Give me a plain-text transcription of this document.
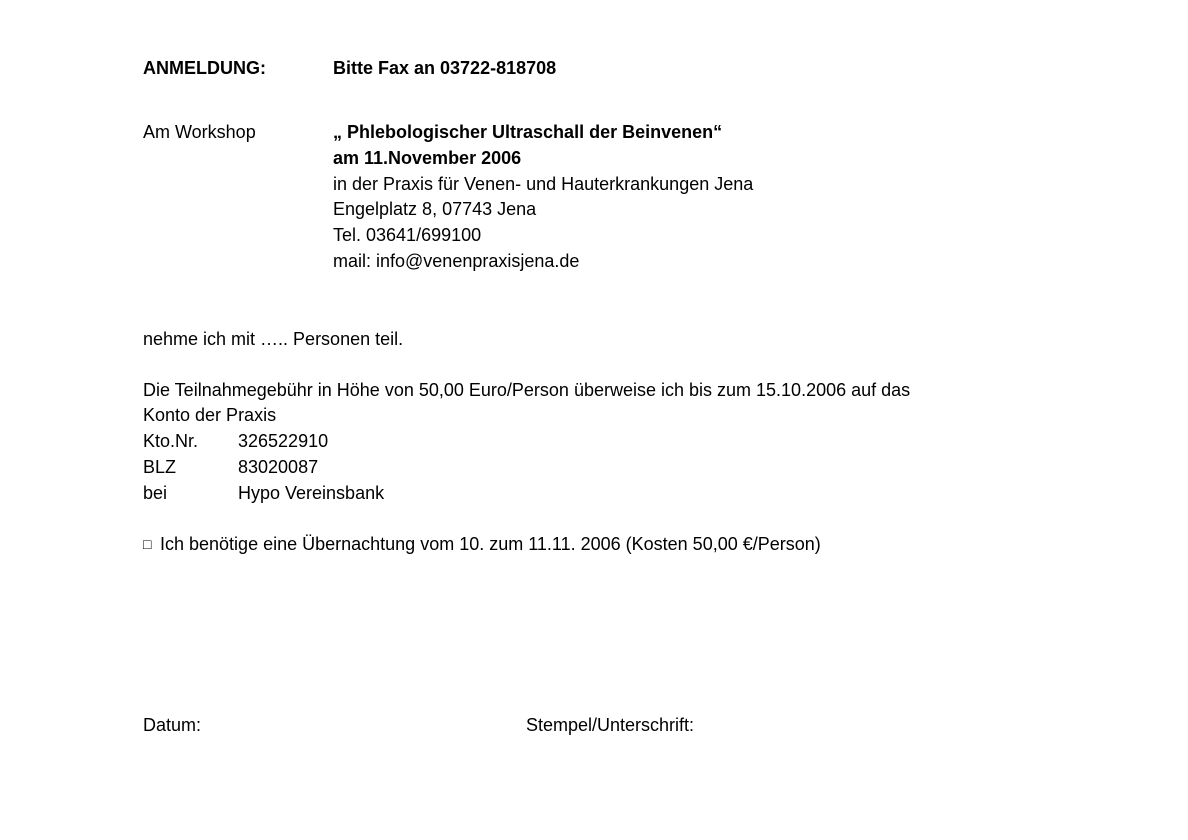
ANMELDUNG:	Bitte Fax an 03722-818708
Am Workshop	„ Phlebologischer Ultraschall der Beinvenen“
am 11.November 2006
in der Praxis für Venen- und Hauterkrankungen Jena
Engelplatz 8, 07743 Jena
Tel. 03641/699100
mail: info@venenpraxisjena.de
nehme ich mit ….. Personen teil.
Die Teilnahmegebühr in Höhe von 50,00 Euro/Person überweise ich bis zum 15.10.2006 auf das
Konto der Praxis
Kto.Nr. 326522910
BLZ	83020087
bei	Hypo Vereinsbank
□ Ich benötige eine Übernachtung vom 10. zum 11.11. 2006 (Kosten 50,00 €/Person)
Datum:	Stempel/Unterschrift:
